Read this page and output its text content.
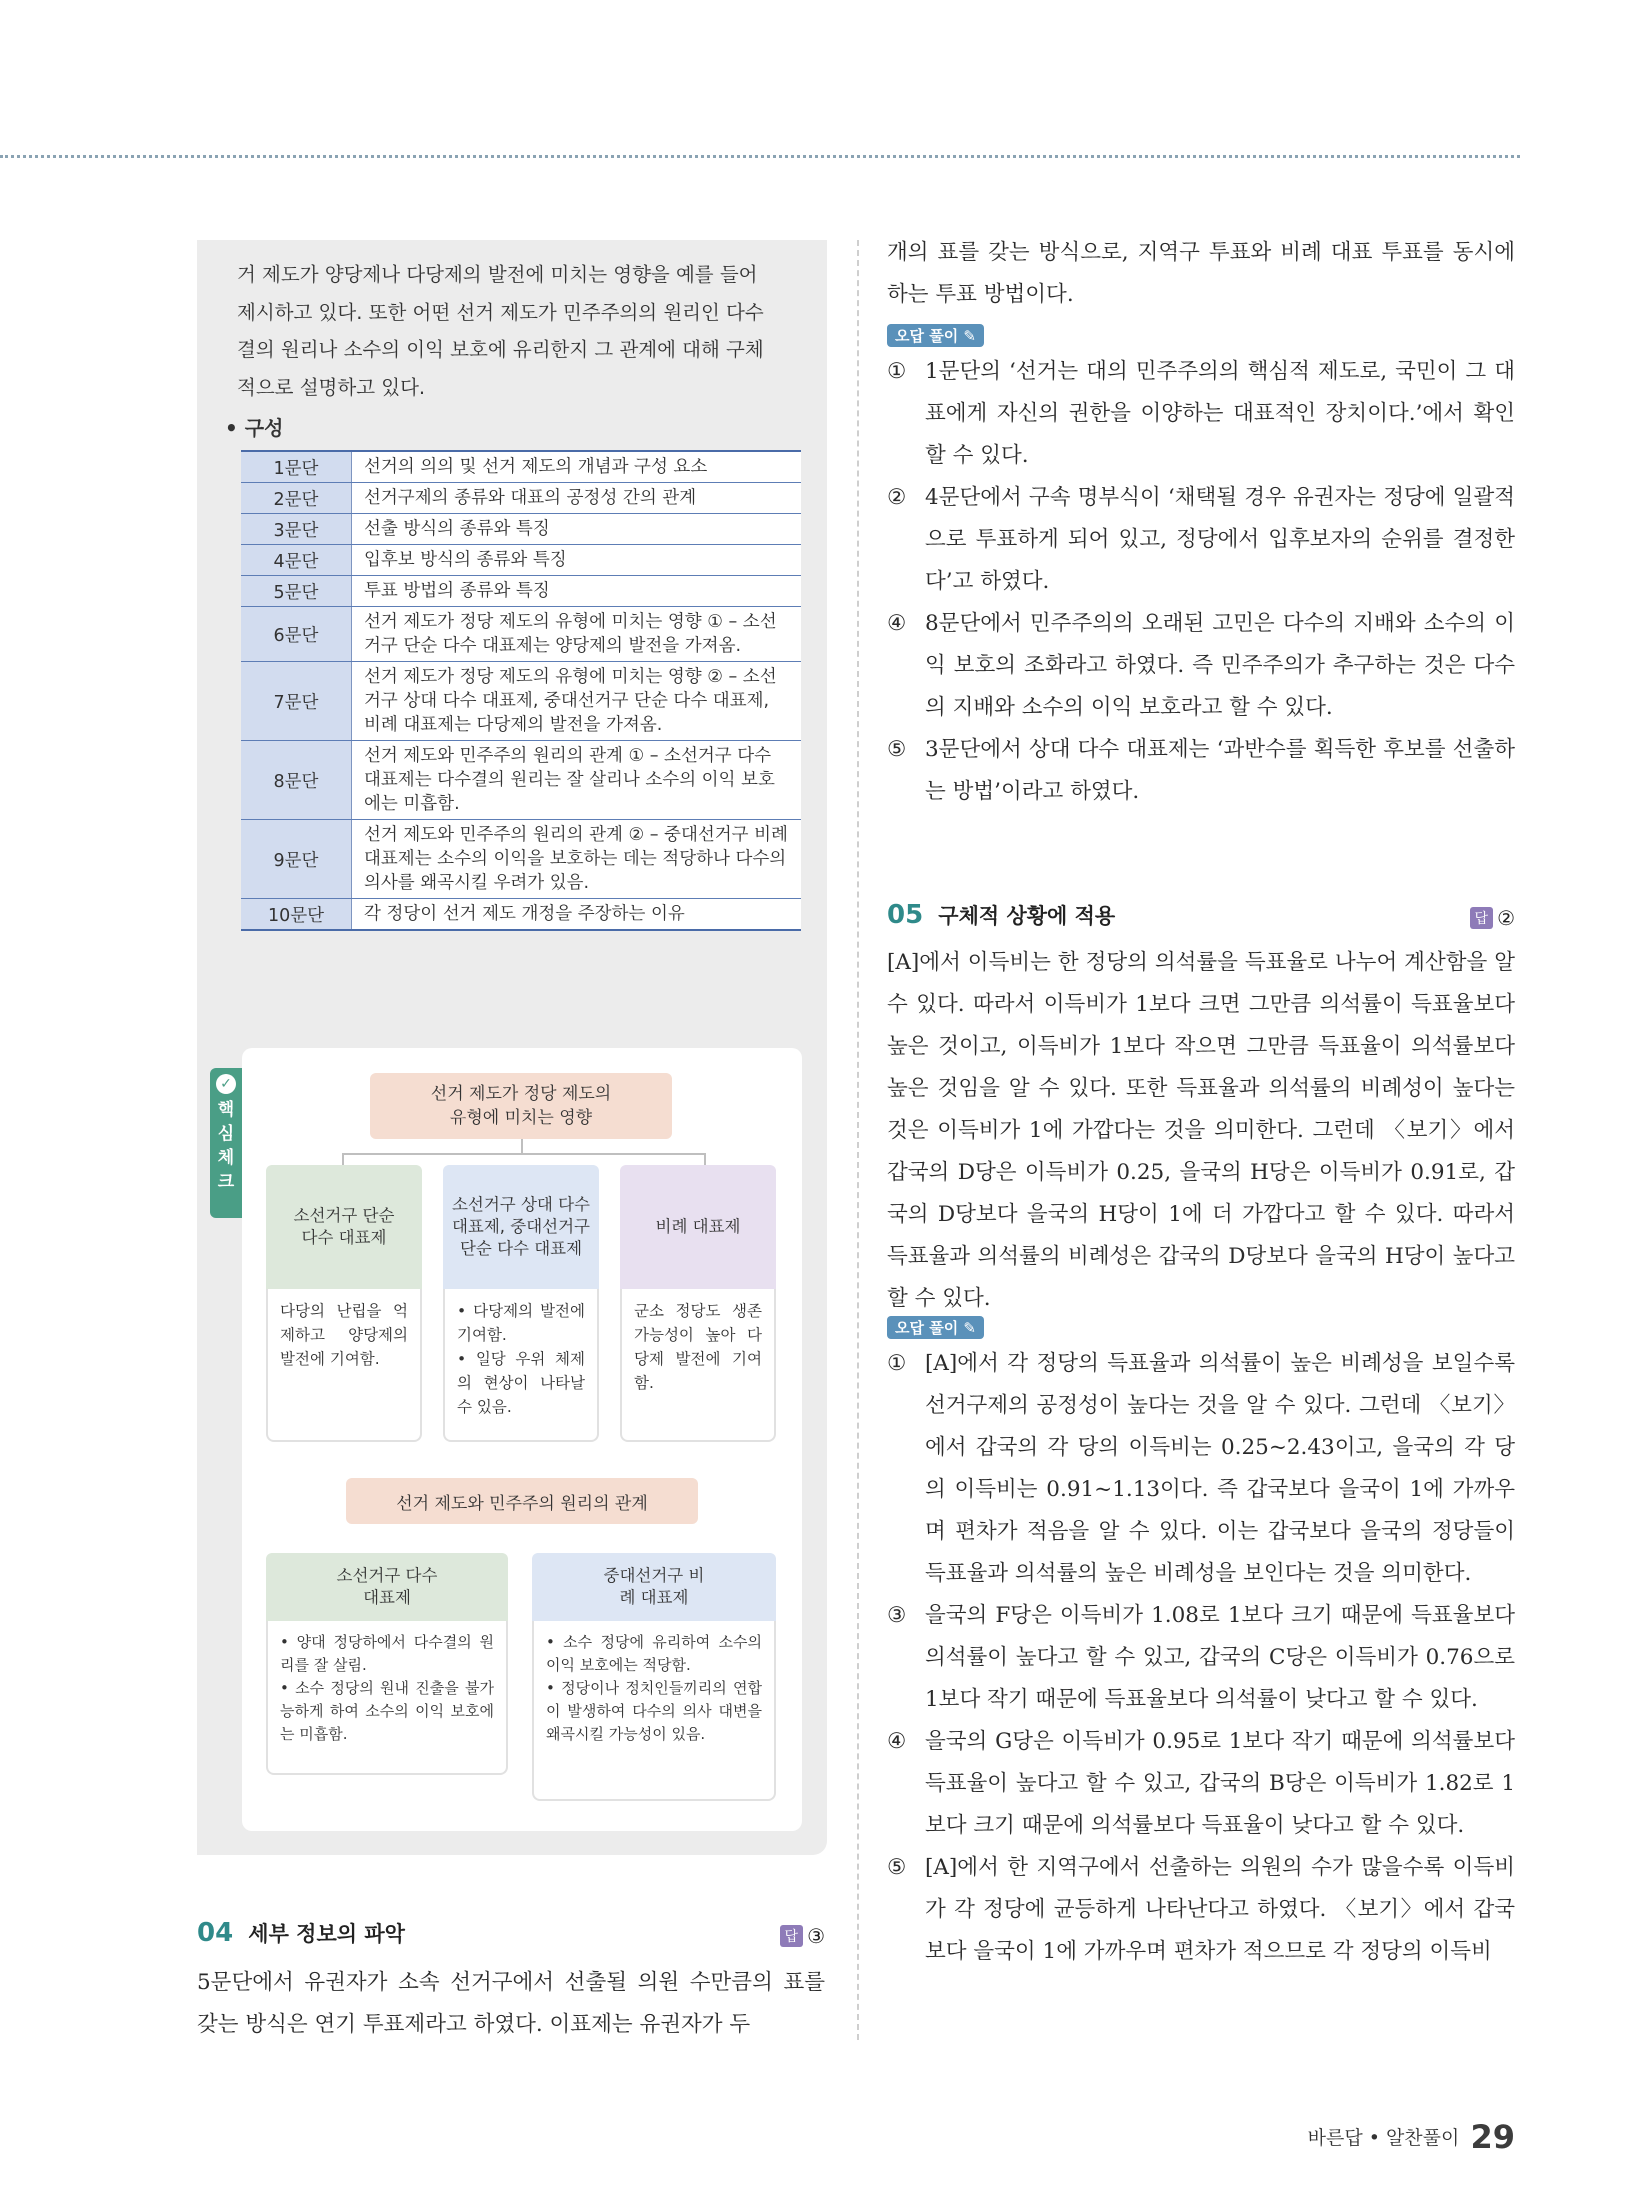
거 제도가 양당제나 다당제의 발전에 미치는 영향을 예를 들어

제시하고 있다. 또한 어떤 선거 제도가 민주주의의 원리인 다수

결의 원리나 소수의 이익 보호에 유리한지 그 관계에 대해 구체

적으로 설명하고 있다.

• 구성
1문단	선거의 의의 및 선거 제도의 개념과 구성 요소
2문단	선거구제의 종류와 대표의 공정성 간의 관계
3문단	선출 방식의 종류와 특징
4문단	입후보 방식의 종류와 특징
5문단	투표 방법의 종류와 특징
6문단	선거 제도가 정당 제도의 유형에 미치는 영향 ① – 소선거구 단순 다수 대표제는 양당제의 발전을 가져옴.
7문단	선거 제도가 정당 제도의 유형에 미치는 영향 ② – 소선거구 상대 다수 대표제, 중대선거구 단순 다수 대표제, 비례 대표제는 다당제의 발전을 가져옴.
8문단	선거 제도와 민주주의 원리의 관계 ① – 소선거구 다수 대표제는 다수결의 원리는 잘 살리나 소수의 이익 보호에는 미흡함.
9문단	선거 제도와 민주주의 원리의 관계 ② – 중대선거구 비례 대표제는 소수의 이익을 보호하는 데는 적당하나 다수의 의사를 왜곡시킬 우려가 있음.
10문단	각 정당이 선거 제도 개정을 주장하는 이유
✓
핵
심
체
크
선거 제도가 정당 제도의 유형에 미치는 영향
소선거구 단순 다수 대표제
다당의 난립을 억제하고 양당제의 발전에 기여함.
소선거구 상대 다수 대표제, 중대선거구 단순 다수 대표제
• 다당제의 발전에 기여함.
• 일당 우위 체제의 현상이 나타날 수 있음.
비례 대표제
군소 정당도 생존 가능성이 높아 다당제 발전에 기여함.
선거 제도와 민주주의 원리의 관계
소선거구 다수 대표제
• 양대 정당하에서 다수결의 원리를 잘 살림.
• 소수 정당의 원내 진출을 불가능하게 하여 소수의 이익 보호에는 미흡함.
중대선거구 비례 대표제
• 소수 정당에 유리하여 소수의 이익 보호에는 적당함.
• 정당이나 정치인들끼리의 연합이 발생하여 다수의 의사 대변을 왜곡시킬 가능성이 있음.
04 세부 정보의 파악	답 ③

5문단에서 유권자가 소속 선거구에서 선출될 의원 수만큼의 표를 갖는 방식은 연기 투표제라고 하였다. 이표제는 유권자가 두

개의 표를 갖는 방식으로, 지역구 투표와 비례 대표 투표를 동시에 하는 투표 방법이다.

오답 풀이 ✎
① 1문단의 ‘선거는 대의 민주주의의 핵심적 제도로, 국민이 그 대표에게 자신의 권한을 이양하는 대표적인 장치이다.’에서 확인할 수 있다.

② 4문단에서 구속 명부식이 ‘채택될 경우 유권자는 정당에 일괄적으로 투표하게 되어 있고, 정당에서 입후보자의 순위를 결정한다’고 하였다.

④ 8문단에서 민주주의의 오래된 고민은 다수의 지배와 소수의 이익 보호의 조화라고 하였다. 즉 민주주의가 추구하는 것은 다수의 지배와 소수의 이익 보호라고 할 수 있다.

⑤ 3문단에서 상대 다수 대표제는 ‘과반수를 획득한 후보를 선출하는 방법’이라고 하였다.

05 구체적 상황에 적용	답 ②

[A]에서 이득비는 한 정당의 의석률을 득표율로 나누어 계산함을 알 수 있다. 따라서 이득비가 1보다 크면 그만큼 의석률이 득표율보다 높은 것이고, 이득비가 1보다 작으면 그만큼 득표율이 의석률보다 높은 것임을 알 수 있다. 또한 득표율과 의석률의 비례성이 높다는 것은 이득비가 1에 가깝다는 것을 의미한다. 그런데 〈보기〉에서 갑국의 D당은 이득비가 0.25, 을국의 H당은 이득비가 0.91로, 갑국의 D당보다 을국의 H당이 1에 더 가깝다고 할 수 있다. 따라서 득표율과 의석률의 비례성은 갑국의 D당보다 을국의 H당이 높다고 할 수 있다.

오답 풀이 ✎
① [A]에서 각 정당의 득표율과 의석률이 높은 비례성을 보일수록 선거구제의 공정성이 높다는 것을 알 수 있다. 그런데 〈보기〉에서 갑국의 각 당의 이득비는 0.25~2.43이고, 을국의 각 당의 이득비는 0.91~1.13이다. 즉 갑국보다 을국이 1에 가까우며 편차가 적음을 알 수 있다. 이는 갑국보다 을국의 정당들이 득표율과 의석률의 높은 비례성을 보인다는 것을 의미한다.

③ 을국의 F당은 이득비가 1.08로 1보다 크기 때문에 득표율보다 의석률이 높다고 할 수 있고, 갑국의 C당은 이득비가 0.76으로 1보다 작기 때문에 득표율보다 의석률이 낮다고 할 수 있다.

④ 을국의 G당은 이득비가 0.95로 1보다 작기 때문에 의석률보다 득표율이 높다고 할 수 있고, 갑국의 B당은 이득비가 1.82로 1보다 크기 때문에 의석률보다 득표율이 낮다고 할 수 있다.

⑤ [A]에서 한 지역구에서 선출하는 의원의 수가 많을수록 이득비가 각 정당에 균등하게 나타난다고 하였다. 〈보기〉에서 갑국보다 을국이 1에 가까우며 편차가 적으므로 각 정당의 이득비

바른답 • 알찬풀이 29
